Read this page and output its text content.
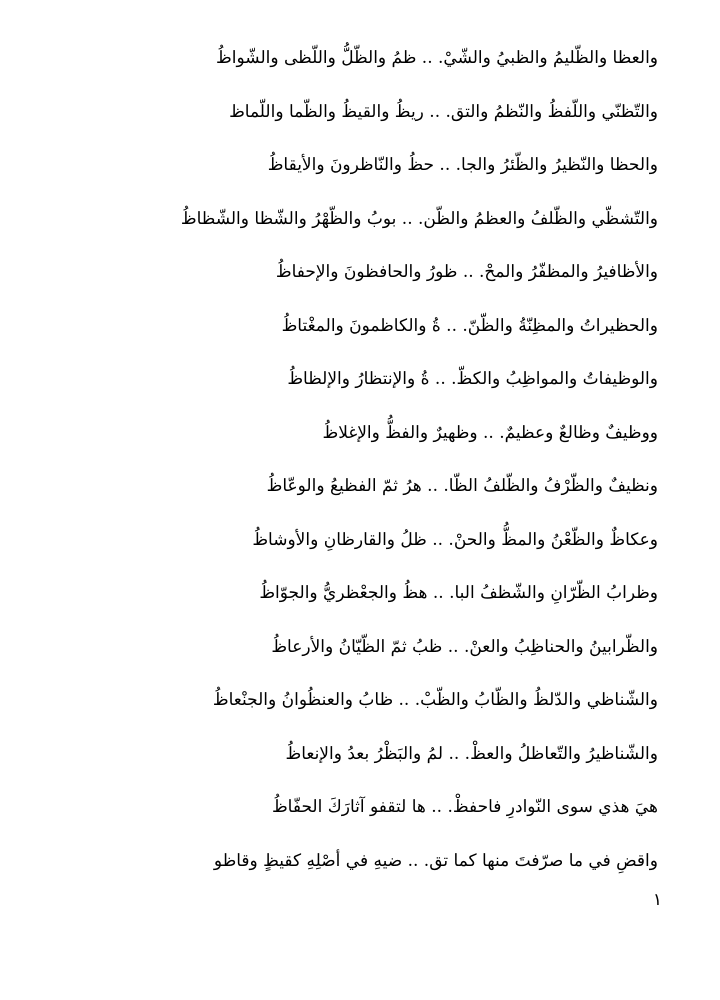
والعظا والظّليمُ والظبيُ والشّيْ. .. ظمُ والظّلُّ واللّظى والشّواظُ
والتّظنّي واللّفظُ والنّظمُ والتق. .. ريظُ والقيظُ والظّما واللّماظ
والحظا والنّظيرُ والظّئرُ والجا. .. حظُ والنّاظرونَ والأيقاظُ
والتّشظّي والظّلفُ والعظمُ والظّن. .. بوبُ والظّهْرُ والشّظا والشّظاظُ
والأظافيرُ والمظفّرُ والمحْ. .. ظورُ والحافظونَ والإحفاظُ
والحظيراتُ والمظِنّةُ والظّنّ. .. ةُ والكاظمونَ والمغْتاظُ
والوظيفاتُ والمواظِبُ والكظّ. .. ةُ والإنتظارُ والإلظاظُ
ووظيفٌ وظالعٌ وعظيمٌ. .. وظهيرٌ والفظُّ والإغلاظُ
ونظيفٌ والظّرْفُ والظّلفُ الظّا. .. هرُ ثمّ الفظيعُ والوعّاظُ
وعكاظٌ والظّعْنُ والمظُّ والحنْ. .. ظلُ والقارظانِ والأوشاظُ
وظرابُ الظّرّانِ والشّظفُ البا. .. هظُ والجعْظريُّ والجوّاظُ
والظّرابينُ والحناظِبُ والعنْ. .. ظبُ ثمّ الظّيّانُ والأرعاظُ
والشّناظي والدّلظُ والظّابُ والظّبْ. .. ظابُ والعنظُوانُ والجنْعاظُ
والشّناظيرُ والتّعاظلُ والعظْ. .. لمُ والبَظْرُ بعدُ والإنعاظُ
هيَ هذي سوى النّوادرِ فاحفظْ. .. ها لتقفو آثارَكَ الحفّاظُ
واقضِ في ما صرّفتَ منها كما تق. .. ضيهِ في أصْلِهِ كقيظٍ وقاظو
١
